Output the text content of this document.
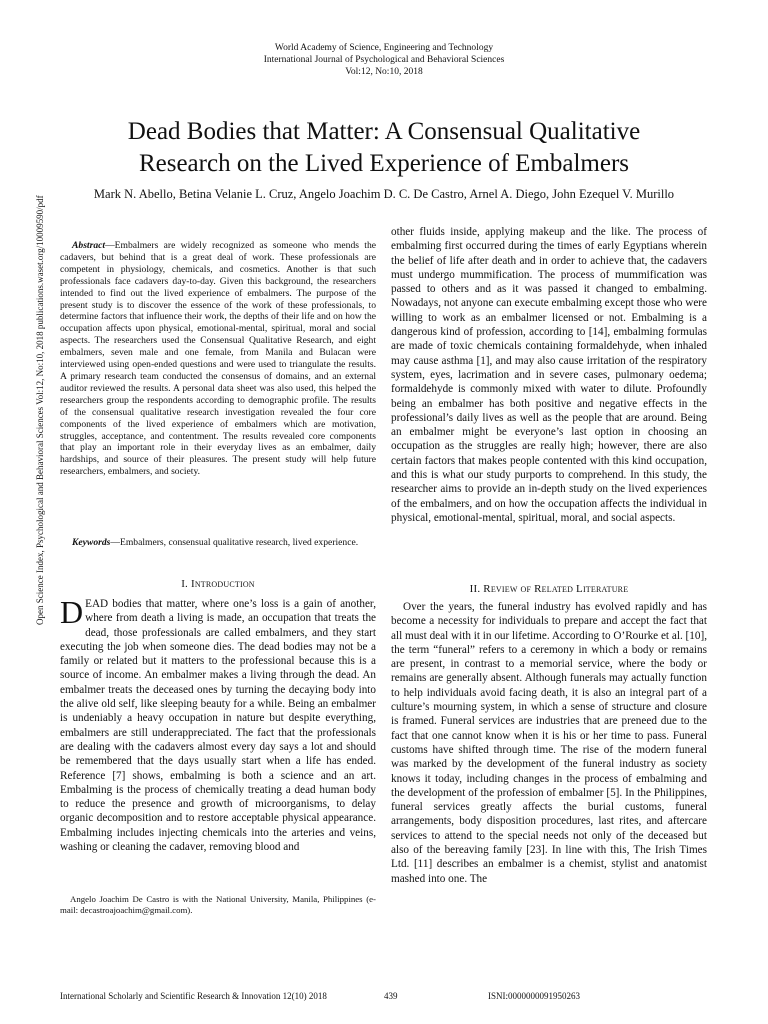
World Academy of Science, Engineering and Technology
International Journal of Psychological and Behavioral Sciences
Vol:12, No:10, 2018
Dead Bodies that Matter: A Consensual Qualitative
Research on the Lived Experience of Embalmers
Mark N. Abello, Betina Velanie L. Cruz, Angelo Joachim D. C. De Castro, Arnel A. Diego, John Ezequel V. Murillo
Open Science Index, Psychological and Behavioral Sciences Vol:12, No:10, 2018 publications.waset.org/10009590/pdf	Abstract—Embalmers are widely recognized as someone who mends the cadavers, but behind that is a great deal of work. These professionals are competent in physiology, chemicals, and cosmetics. Another is that such professionals face cadavers day-to-day. Given this background, the researchers intended to find out the lived experience of embalmers. The purpose of the present study is to discover the essence of the work of these professionals, to determine factors that influence their work, the depths of their life and on how the occupation affects upon physical, emotional-mental, spiritual, moral and social aspects. The researchers used the Consensual Qualitative Research, and eight embalmers, seven male and one female, from Manila and Bulacan were interviewed using open-ended questions and were used to triangulate the results. A primary research team conducted the consensus of domains, and an external auditor reviewed the results. A personal data sheet was also used, this helped the researchers group the respondents according to demographic profile. The results of the consensual qualitative research investigation revealed the four core components of the lived experience of embalmers which are motivation, struggles, acceptance, and contentment. The results revealed core components that play an important role in their everyday lives as an embalmer, daily hardships, and source of their pleasures. The present study will help future researchers, embalmers, and society.

Keywords—Embalmers, consensual qualitative research, lived experience.

I. Introduction

DEAD bodies that matter, where one’s loss is a gain of another, where from death a living is made, an occupation that treats the dead, those professionals are called embalmers, and they start executing the job when someone dies. The dead bodies may not be a family or related but it matters to the professional because this is a source of income. An embalmer makes a living through the dead. An embalmer treats the deceased ones by turning the decaying body into the alive old self, like sleeping beauty for a while. Being an embalmer is undeniably a heavy occupation in nature but despite everything, embalmers are still underappreciated. The fact that the professionals are dealing with the cadavers almost every day says a lot and should be remembered that the days usually start when a life has ended. Reference [7] shows, embalming is both a science and an art. Embalming is the process of chemically treating a dead human body to reduce the presence and growth of microorganisms, to delay organic decomposition and to restore acceptable physical appearance. Embalming includes injecting chemicals into the arteries and veins, washing or cleaning the cadaver, removing blood and

Angelo Joachim De Castro is with the National University, Manila, Philippines (e-mail: decastroajoachim@gmail.com).

other fluids inside, applying makeup and the like. The process of embalming first occurred during the times of early Egyptians wherein the belief of life after death and in order to achieve that, the cadavers must undergo mummification. The process of mummification was passed to others and as it was passed it changed to embalming. Nowadays, not anyone can execute embalming except those who were willing to work as an embalmer licensed or not. Embalming is a dangerous kind of profession, according to [14], embalming formulas are made of toxic chemicals containing formaldehyde, when inhaled may cause asthma [1], and may also cause irritation of the respiratory system, eyes, lacrimation and in severe cases, pulmonary oedema; formaldehyde is commonly mixed with water to dilute. Profoundly being an embalmer has both positive and negative effects in the professional’s daily lives as well as the people that are around. Being an embalmer might be everyone’s last option in choosing an occupation as the struggles are really high; however, there are also certain factors that makes people contented with this kind occupation, and this is what our study purports to comprehend. In this study, the researcher aims to provide an in-depth study on the lived experiences of the embalmers, and on how the occupation affects the individual in physical, emotional-mental, spiritual, moral, and social aspects.

II. Review of Related Literature

Over the years, the funeral industry has evolved rapidly and has become a necessity for individuals to prepare and accept the fact that all must deal with it in our lifetime. According to O’Rourke et al. [10], the term “funeral” refers to a ceremony in which a body or remains are present, in contrast to a memorial service, where the body or remains are generally absent. Although funerals may actually function to help individuals avoid facing death, it is also an integral part of a culture’s mourning system, in which a sense of structure and closure is framed. Funeral services are industries that are preneed due to the fact that one cannot know when it is his or her time to pass. Funeral customs have shifted through time. The rise of the modern funeral was marked by the development of the funeral industry as society knows it today, including changes in the process of embalming and the development of the profession of embalmer [5]. In the Philippines, funeral services greatly affects the burial customs, funeral arrangements, body disposition procedures, last rites, and aftercare services to attend to the special needs not only of the deceased but also of the bereaving family [23]. In line with this, The Irish Times Ltd. [11] describes an embalmer is a chemist, stylist and anatomist mashed into one. The

International Scholarly and Scientific Research & Innovation 12(10) 2018	439	ISNI:0000000091950263
